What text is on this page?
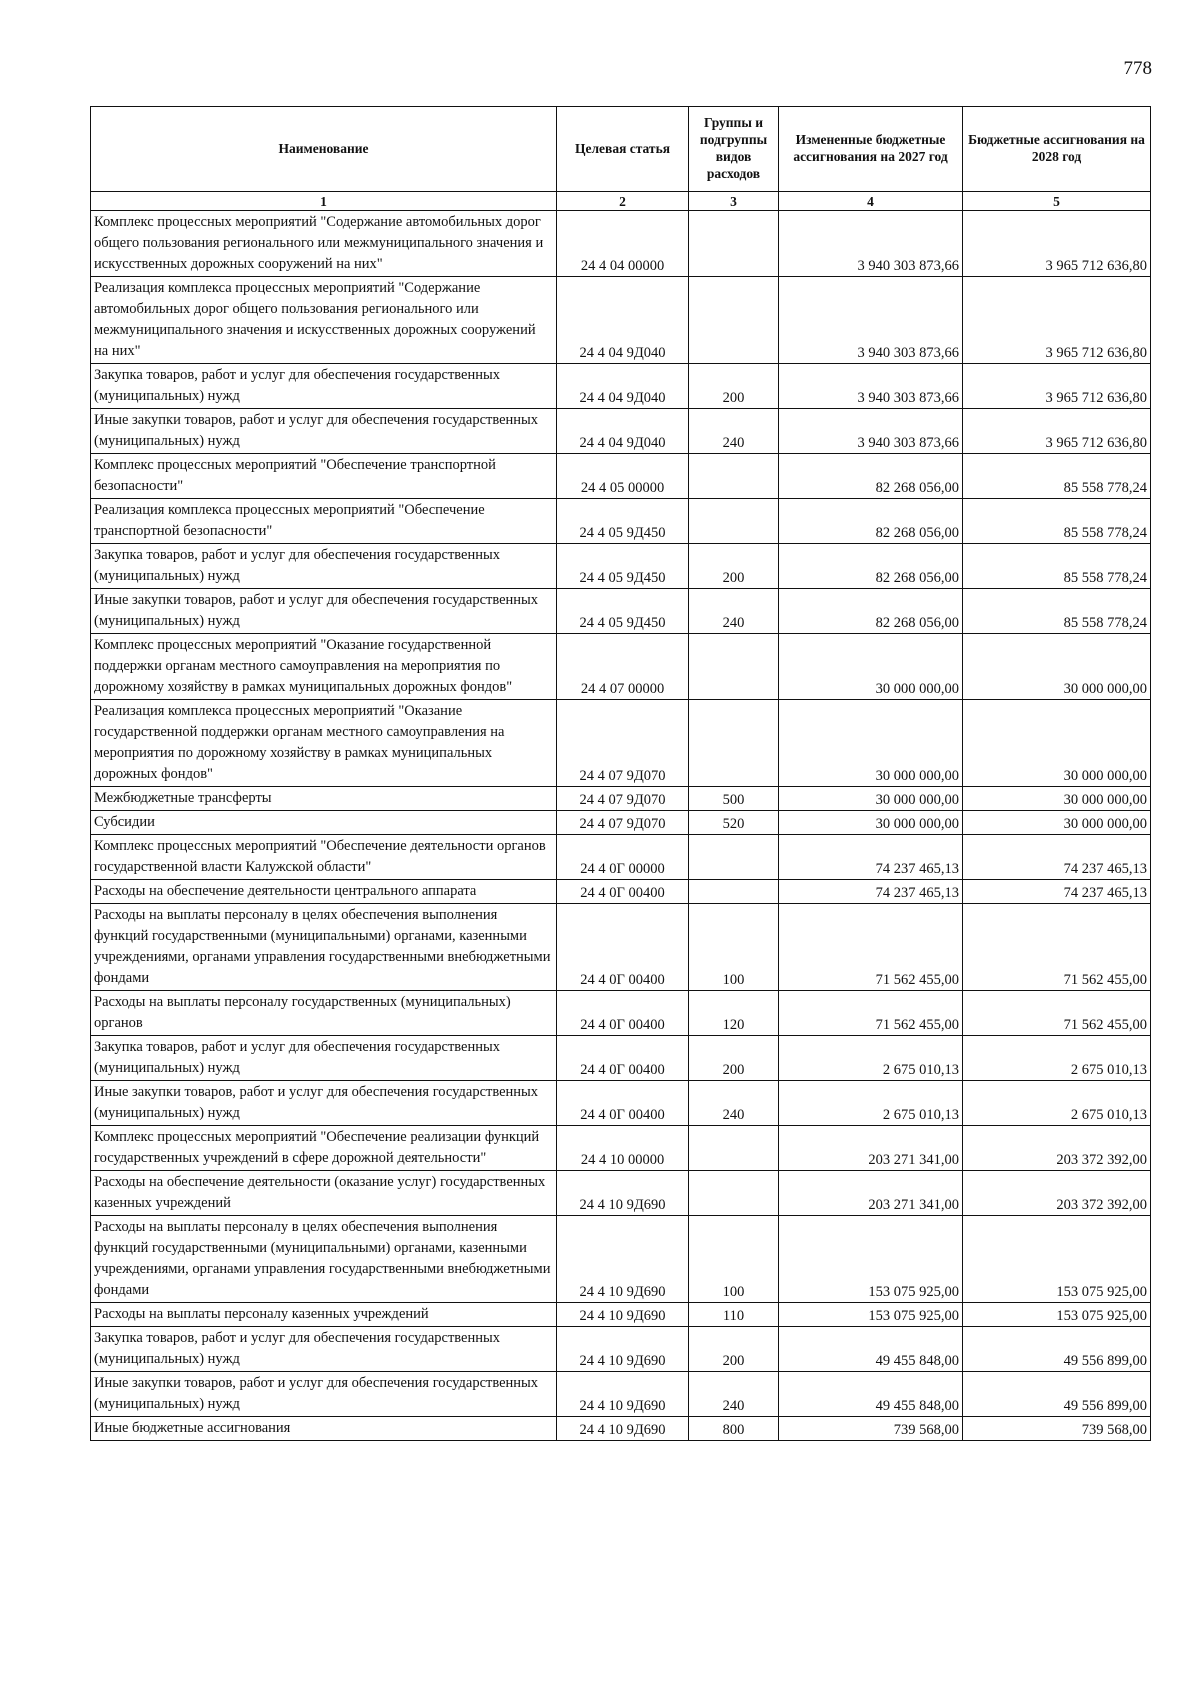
778
Наименование	Целевая статья	Группы и подгруппы видов расходов	Измененные бюджетные ассигнования на 2027 год	Бюджетные ассигнования на 2028 год
1	2	3	4	5
Комплекс процессных мероприятий "Содержание автомобильных дорог общего пользования регионального или межмуниципального значения и искусственных дорожных сооружений на них"	24 4 04 00000		3 940 303 873,66	3 965 712 636,80
Реализация комплекса процессных мероприятий "Содержание автомобильных дорог общего пользования регионального или межмуниципального значения и искусственных дорожных сооружений на них"	24 4 04 9Д040		3 940 303 873,66	3 965 712 636,80
Закупка товаров, работ и услуг для обеспечения государственных (муниципальных) нужд	24 4 04 9Д040	200	3 940 303 873,66	3 965 712 636,80
Иные закупки товаров, работ и услуг для обеспечения государственных (муниципальных) нужд	24 4 04 9Д040	240	3 940 303 873,66	3 965 712 636,80
Комплекс процессных мероприятий "Обеспечение транспортной безопасности"	24 4 05 00000		82 268 056,00	85 558 778,24
Реализация комплекса процессных мероприятий "Обеспечение транспортной безопасности"	24 4 05 9Д450		82 268 056,00	85 558 778,24
Закупка товаров, работ и услуг для обеспечения государственных (муниципальных) нужд	24 4 05 9Д450	200	82 268 056,00	85 558 778,24
Иные закупки товаров, работ и услуг для обеспечения государственных (муниципальных) нужд	24 4 05 9Д450	240	82 268 056,00	85 558 778,24
Комплекс процессных мероприятий "Оказание государственной поддержки органам местного самоуправления на мероприятия по дорожному хозяйству в рамках муниципальных дорожных фондов"	24 4 07 00000		30 000 000,00	30 000 000,00
Реализация комплекса процессных мероприятий "Оказание государственной поддержки органам местного самоуправления на мероприятия по дорожному хозяйству в рамках муниципальных дорожных фондов"	24 4 07 9Д070		30 000 000,00	30 000 000,00
Межбюджетные трансферты	24 4 07 9Д070	500	30 000 000,00	30 000 000,00
Субсидии	24 4 07 9Д070	520	30 000 000,00	30 000 000,00
Комплекс процессных мероприятий "Обеспечение деятельности органов государственной власти Калужской области"	24 4 0Г 00000		74 237 465,13	74 237 465,13
Расходы на обеспечение деятельности центрального аппарата	24 4 0Г 00400		74 237 465,13	74 237 465,13
Расходы на выплаты персоналу в целях обеспечения выполнения функций государственными (муниципальными) органами, казенными учреждениями, органами управления государственными внебюджетными фондами	24 4 0Г 00400	100	71 562 455,00	71 562 455,00
Расходы на выплаты персоналу государственных (муниципальных) органов	24 4 0Г 00400	120	71 562 455,00	71 562 455,00
Закупка товаров, работ и услуг для обеспечения государственных (муниципальных) нужд	24 4 0Г 00400	200	2 675 010,13	2 675 010,13
Иные закупки товаров, работ и услуг для обеспечения государственных (муниципальных) нужд	24 4 0Г 00400	240	2 675 010,13	2 675 010,13
Комплекс процессных мероприятий "Обеспечение реализации функций государственных учреждений в сфере дорожной деятельности"	24 4 10 00000		203 271 341,00	203 372 392,00
Расходы на обеспечение деятельности (оказание услуг) государственных казенных учреждений	24 4 10 9Д690		203 271 341,00	203 372 392,00
Расходы на выплаты персоналу в целях обеспечения выполнения функций государственными (муниципальными) органами, казенными учреждениями, органами управления государственными внебюджетными фондами	24 4 10 9Д690	100	153 075 925,00	153 075 925,00
Расходы на выплаты персоналу казенных учреждений	24 4 10 9Д690	110	153 075 925,00	153 075 925,00
Закупка товаров, работ и услуг для обеспечения государственных (муниципальных) нужд	24 4 10 9Д690	200	49 455 848,00	49 556 899,00
Иные закупки товаров, работ и услуг для обеспечения государственных (муниципальных) нужд	24 4 10 9Д690	240	49 455 848,00	49 556 899,00
Иные бюджетные ассигнования	24 4 10 9Д690	800	739 568,00	739 568,00
